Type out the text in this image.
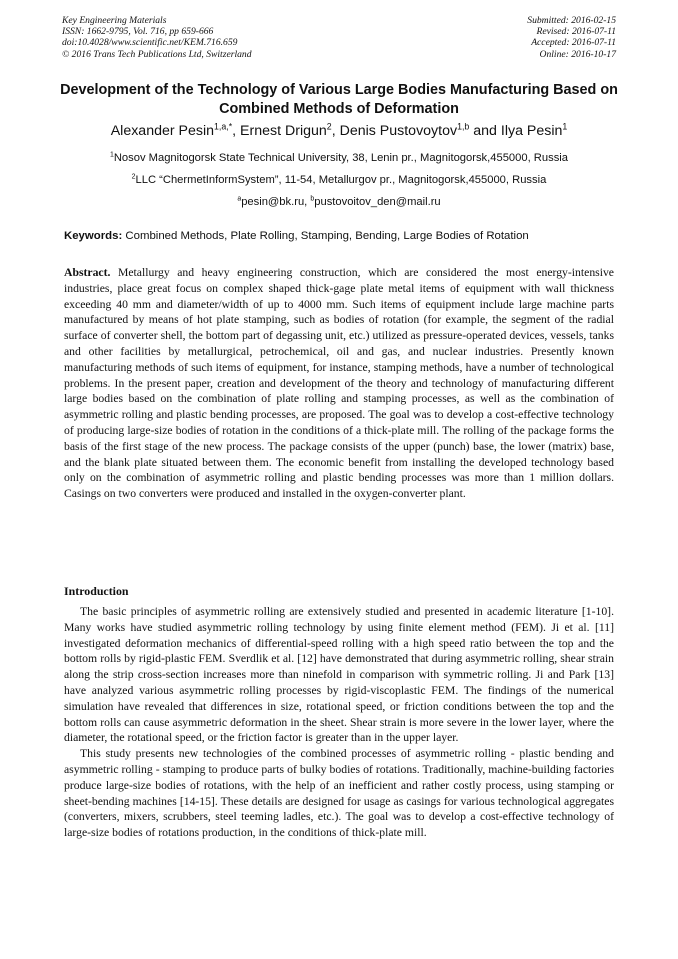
Key Engineering Materials
ISSN: 1662-9795, Vol. 716, pp 659-666
doi:10.4028/www.scientific.net/KEM.716.659
© 2016 Trans Tech Publications Ltd, Switzerland
Submitted: 2016-02-15
Revised: 2016-07-11
Accepted: 2016-07-11
Online: 2016-10-17
Development of the Technology of Various Large Bodies Manufacturing Based on Combined Methods of Deformation
Alexander Pesin$^{1,a,*}$, Ernest Drigun$^2$, Denis Pustovoytov$^{1,b}$ and Ilya Pesin$^1$
$^1$Nosov Magnitogorsk State Technical University, 38, Lenin pr., Magnitogorsk,455000, Russia
$^2$LLC “ChermetInformSystem”, 11-54, Metallurgov pr., Magnitogorsk,455000, Russia
$^a$pesin@bk.ru, $^b$pustovoitov_den@mail.ru
Keywords: Combined Methods, Plate Rolling, Stamping, Bending, Large Bodies of Rotation
Abstract. Metallurgy and heavy engineering construction, which are considered the most energy-intensive industries, place great focus on complex shaped thick-gage plate metal items of equipment with wall thickness exceeding 40 mm and diameter/width of up to 4000 mm. Such items of equipment include large machine parts manufactured by means of hot plate stamping, such as bodies of rotation (for example, the segment of the radial surface of converter shell, the bottom part of degassing unit, etc.) utilized as pressure-operated devices, vessels, tanks and other facilities by metallurgical, petrochemical, oil and gas, and nuclear industries. Presently known manufacturing methods of such items of equipment, for instance, stamping methods, have a number of technological problems. In the present paper, creation and development of the theory and technology of manufacturing different large bodies based on the combination of plate rolling and stamping processes, as well as the combination of asymmetric rolling and plastic bending processes, are proposed. The goal was to develop a cost-effective technology of producing large-size bodies of rotation in the conditions of a thick-plate mill. The rolling of the package forms the basis of the first stage of the new process. The package consists of the upper (punch) base, the lower (matrix) base, and the blank plate situated between them. The economic benefit from installing the developed technology based only on the combination of asymmetric rolling and plastic bending processes was more than 1 million dollars. Casings on two converters were produced and installed in the oxygen-converter plant.
Introduction

The basic principles of asymmetric rolling are extensively studied and presented in academic literature [1-10]. Many works have studied asymmetric rolling technology by using finite element method (FEM). Ji et al. [11] investigated deformation mechanics of differential-speed rolling with a high speed ratio between the top and the bottom rolls by rigid-plastic FEM. Sverdlik et al. [12] have demonstrated that during asymmetric rolling, shear strain along the strip cross-section increases more than ninefold in comparison with symmetric rolling. Ji and Park [13] have analyzed various asymmetric rolling processes by rigid-viscoplastic FEM. The findings of the numerical simulation have revealed that differences in size, rotational speed, or friction conditions between the top and the bottom rolls can cause asymmetric deformation in the sheet. Shear strain is more severe in the lower layer, where the diameter, the rotational speed, or the friction factor is greater than in the upper layer.

This study presents new technologies of the combined processes of asymmetric rolling - plastic bending and asymmetric rolling - stamping to produce parts of bulky bodies of rotations. Traditionally, machine-building factories produce large-size bodies of rotations, with the help of an inefficient and rather costly process, using stamping or sheet-bending machines [14-15]. These details are designed for usage as casings for various technological aggregates (converters, mixers, scrubbers, steel teeming ladles, etc.). The goal was to develop a cost-effective technology of large-size bodies of rotations production, in the conditions of thick-plate mill.
